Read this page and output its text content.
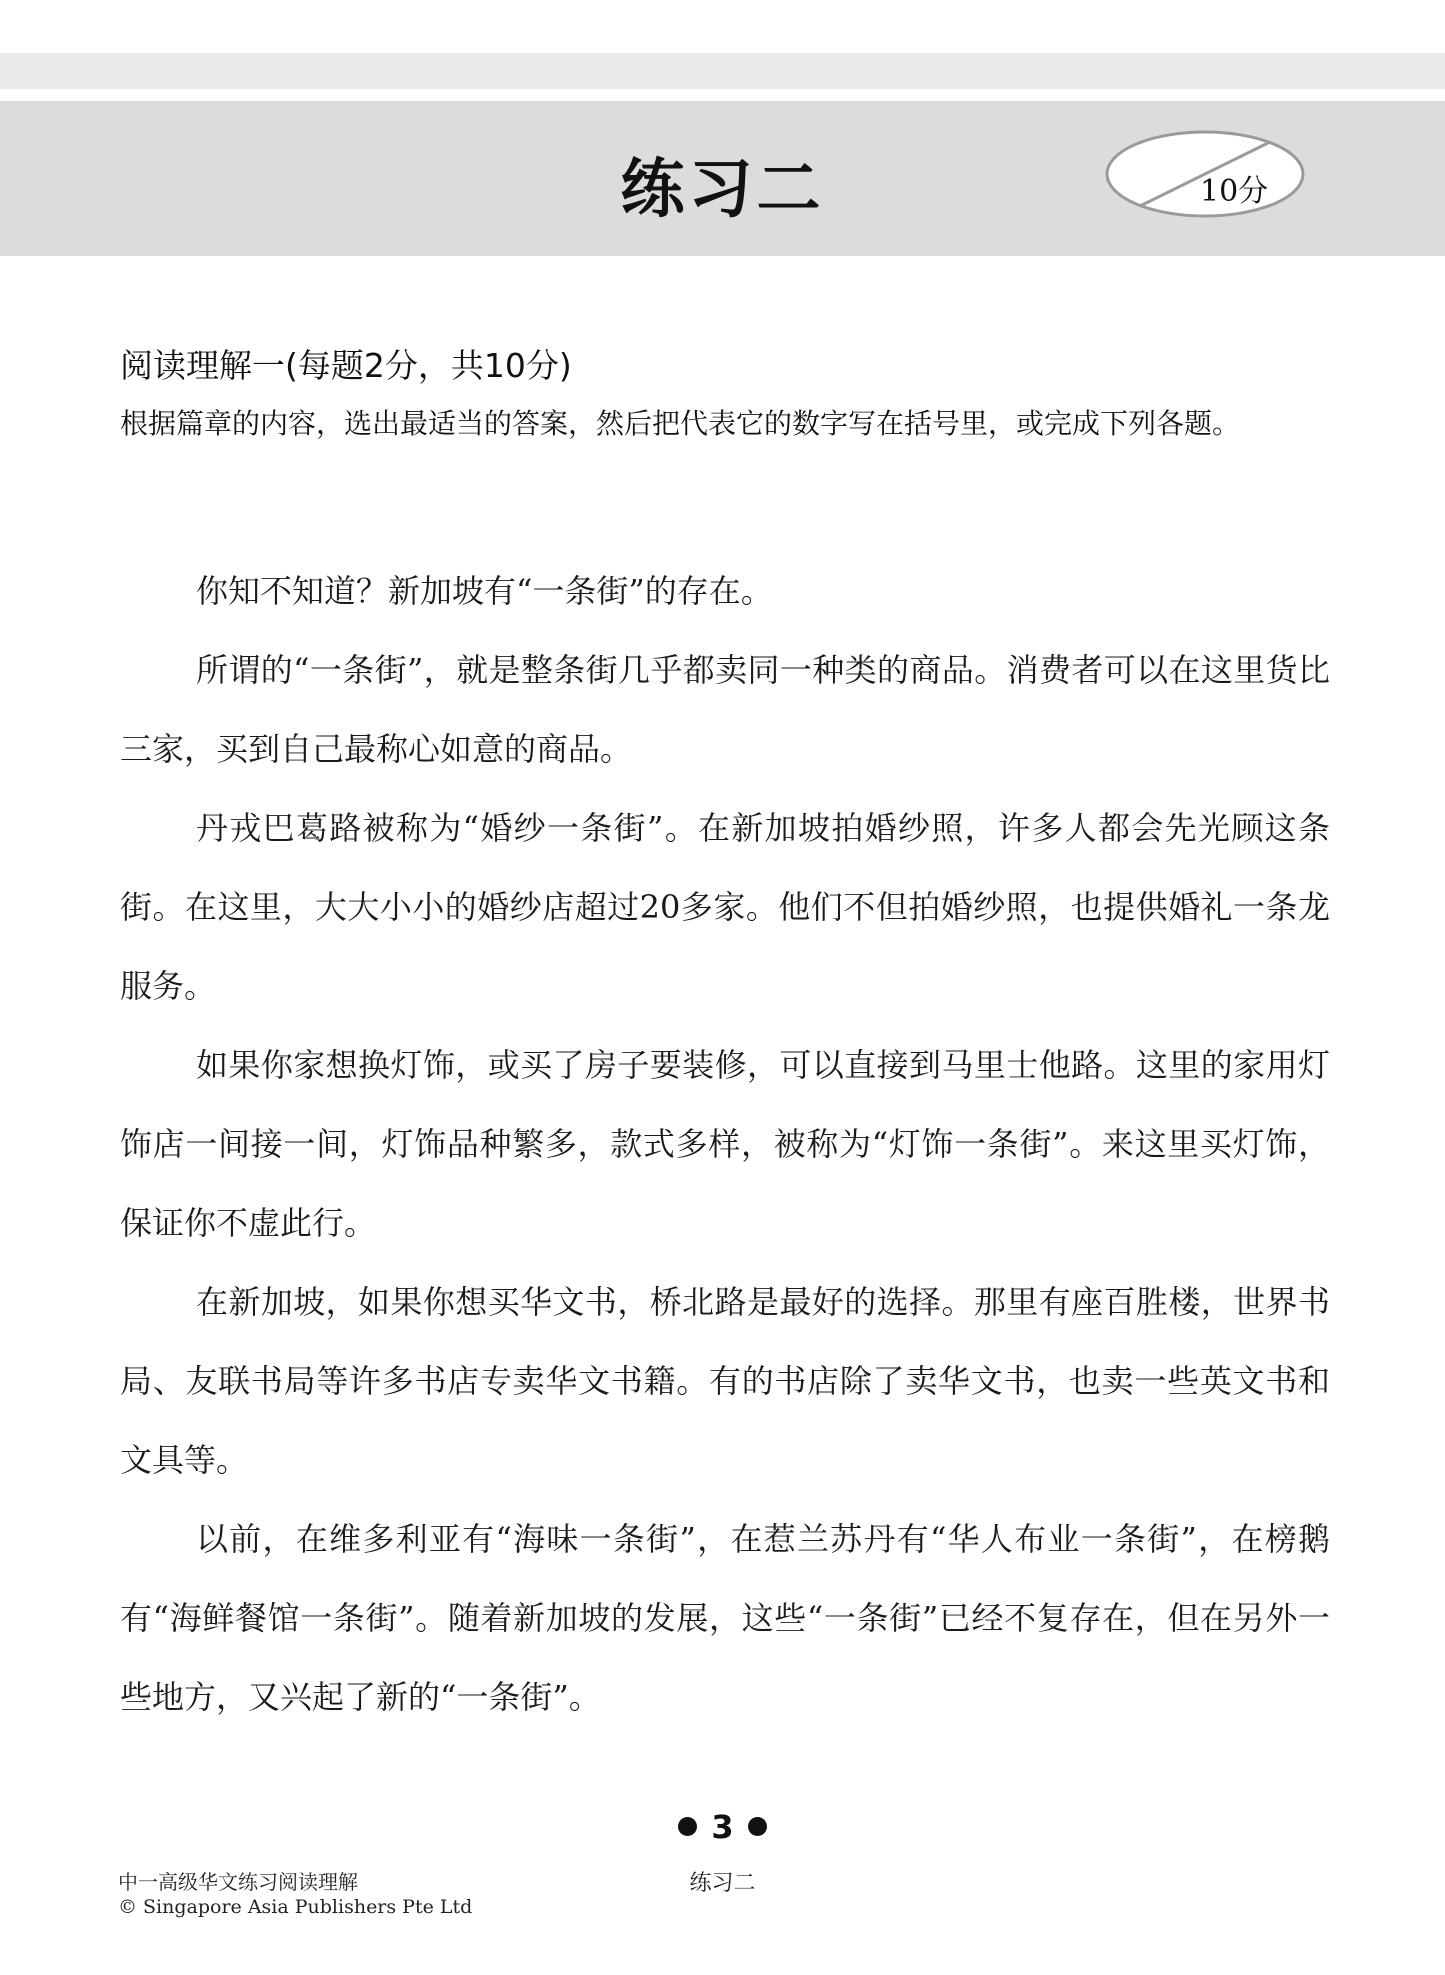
练习二	10分
阅读理解一(每题2分，共10分)
根据篇章的内容，选出最适当的答案，然后把代表它的数字写在括号里，或完成下列各题。

你知不知道？新加坡有“一条街”的存在。

所谓的“一条街”，就是整条街几乎都卖同一种类的商品。消费者可以在这里货比三家，买到自己最称心如意的商品。

丹戎巴葛路被称为“婚纱一条街”。在新加坡拍婚纱照，许多人都会先光顾这条街。在这里，大大小小的婚纱店超过20多家。他们不但拍婚纱照，也提供婚礼一条龙服务。

如果你家想换灯饰，或买了房子要装修，可以直接到马里士他路。这里的家用灯饰店一间接一间，灯饰品种繁多，款式多样，被称为“灯饰一条街”。来这里买灯饰，保证你不虚此行。

在新加坡，如果你想买华文书，桥北路是最好的选择。那里有座百胜楼，世界书局、友联书局等许多书店专卖华文书籍。有的书店除了卖华文书，也卖一些英文书和文具等。

以前，在维多利亚有“海味一条街”，在惹兰苏丹有“华人布业一条街”，在榜鹅有“海鲜餐馆一条街”。随着新加坡的发展，这些“一条街”已经不复存在，但在另外一些地方，又兴起了新的“一条街”。

3
中一高级华文练习阅读理解
© Singapore Asia Publishers Pte Ltd
练习二
